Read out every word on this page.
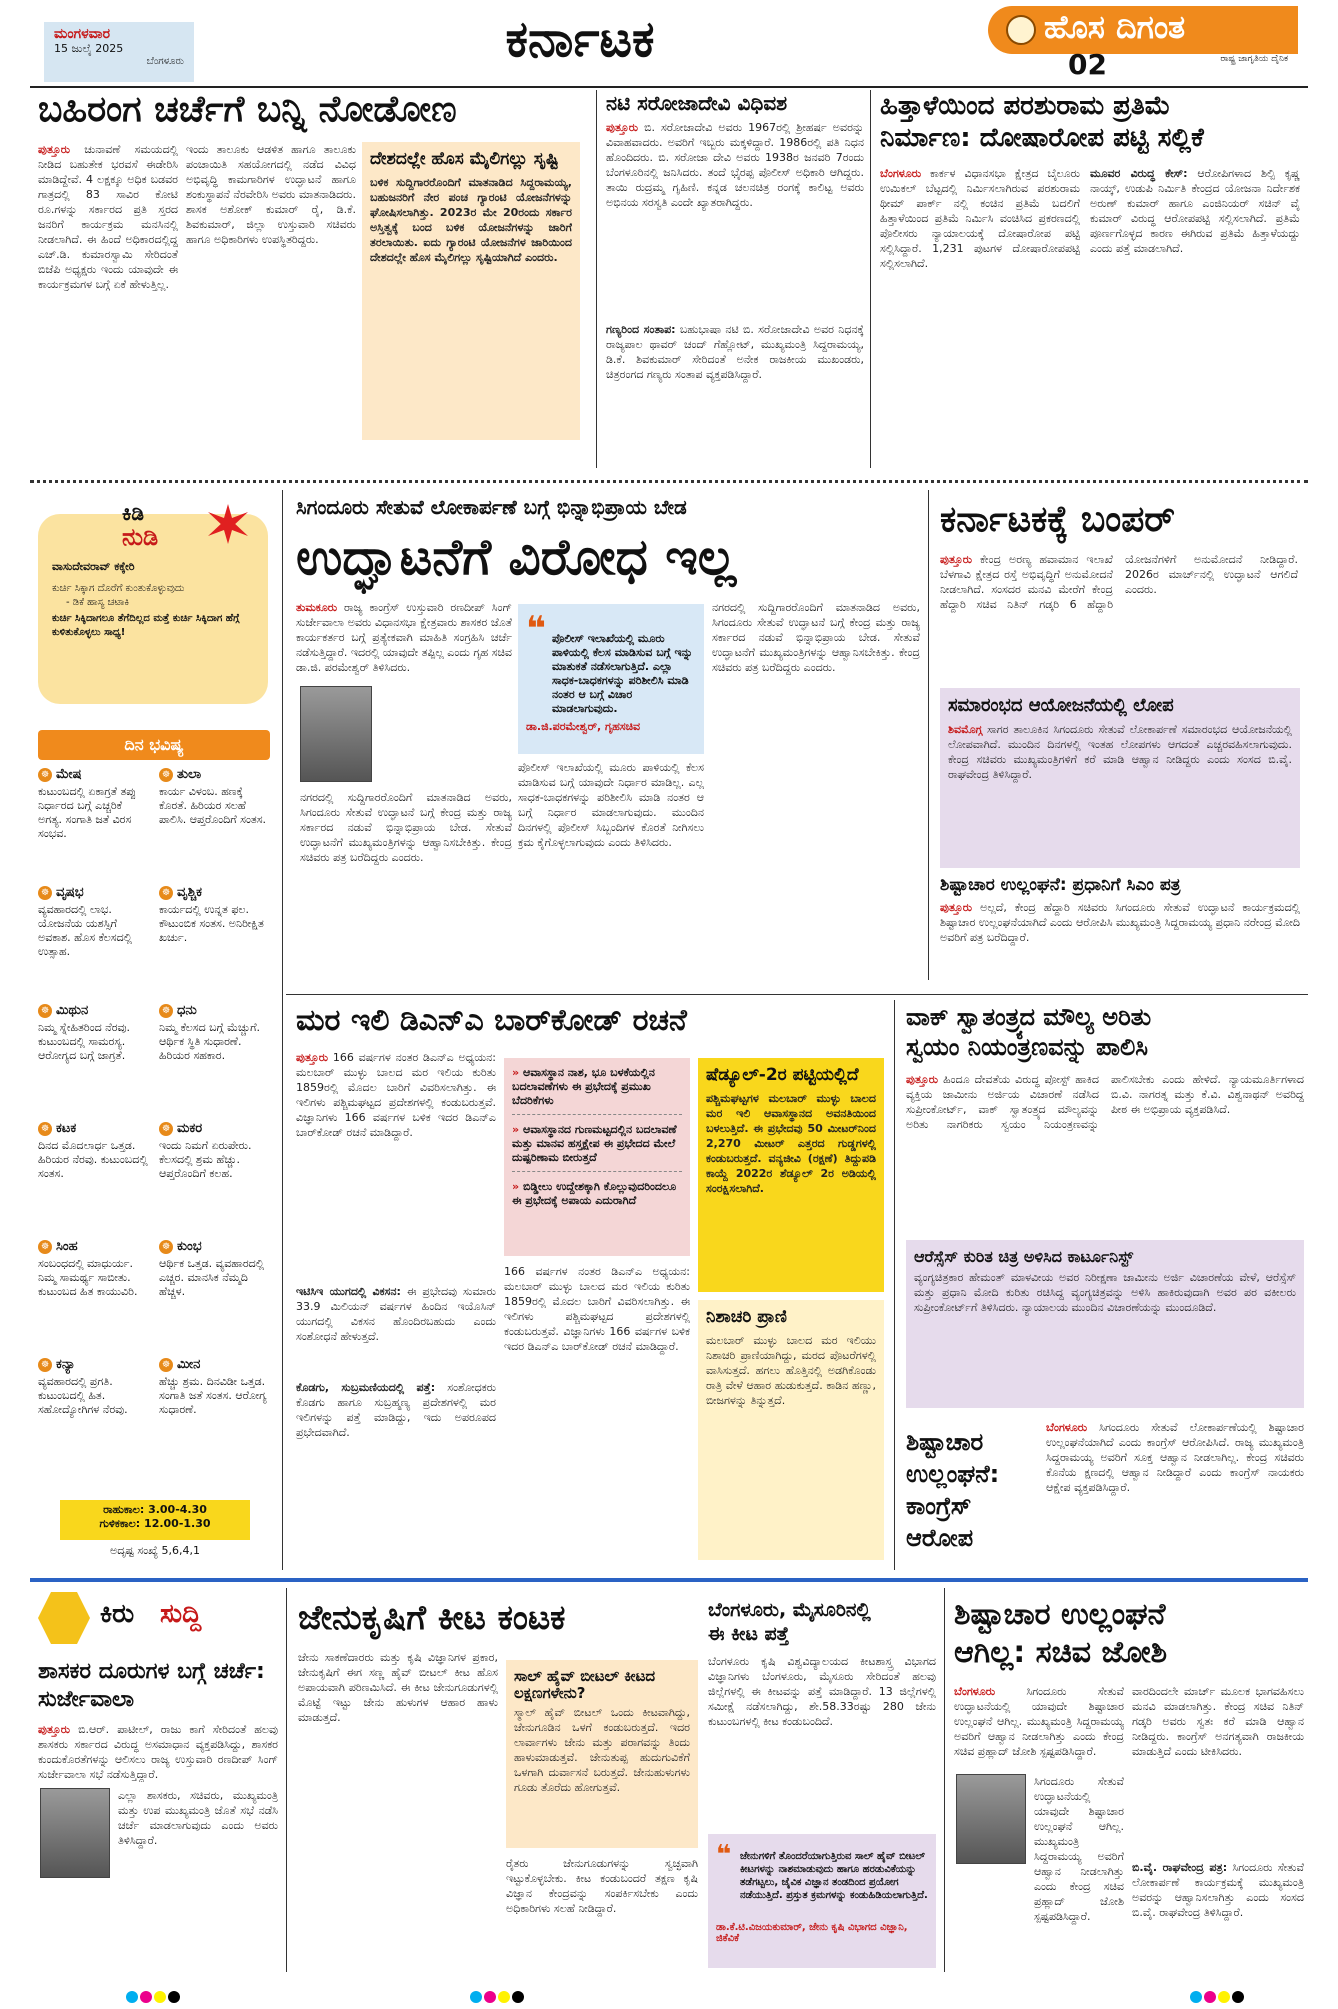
ಮಂಗಳವಾರ
15 ಜುಲೈ 2025
ಬೆಂಗಳೂರು	ಕರ್ನಾಟಕ	ಹೊಸ ದಿಗಂತ
ರಾಷ್ಟ್ರ ಜಾಗೃತಿಯ ದೈನಿಕ
02
ಬಹಿರಂಗ ಚರ್ಚೆಗೆ ಬನ್ನಿ ನೋಡೋಣ
ಪುತ್ತೂರು ಚುನಾವಣೆ ಸಮಯದಲ್ಲಿ ನೀಡಿದ ಬಹುತೇಕ ಭರವಸೆ ಈಡೇರಿಸಿ ಮಾಡಿದ್ದೇವೆ. 4 ಲಕ್ಷಕ್ಕೂ ಅಧಿಕ ಬಡವರ ಗಾತ್ರದಲ್ಲಿ 83 ಸಾವಿರ ಕೋಟಿ ರೂ.ಗಳನ್ನು ಸರ್ಕಾರದ ಪ್ರತಿ ಸ್ತರದ ಜನರಿಗೆ ಕಾರ್ಯಕ್ರಮ ಮನಸಿನಲ್ಲಿ ನೀಡಲಾಗಿದೆ. ಈ ಹಿಂದೆ ಅಧಿಕಾರದಲ್ಲಿದ್ದ ಎಚ್.ಡಿ. ಕುಮಾರಸ್ವಾಮಿ ಸೇರಿದಂತೆ ಬಿಜೆಪಿ ಅಧ್ಯಕ್ಷರು ಇಂದು ಯಾವುದೇ ಈ ಕಾರ್ಯಕ್ರಮಗಳ ಬಗ್ಗೆ ಏಕೆ ಹೇಳುತ್ತಿಲ್ಲ.
ಇಂದು ತಾಲೂಕು ಆಡಳಿತ ಹಾಗೂ ತಾಲೂಕು ಪಂಚಾಯಿತಿ ಸಹಯೋಗದಲ್ಲಿ ನಡೆದ ವಿವಿಧ ಅಭಿವೃದ್ಧಿ ಕಾಮಗಾರಿಗಳ ಉದ್ಘಾಟನೆ ಹಾಗೂ ಶಂಕುಸ್ಥಾಪನೆ ನೆರವೇರಿಸಿ ಅವರು ಮಾತನಾಡಿದರು. ಶಾಸಕ ಅಶೋಕ್ ಕುಮಾರ್ ರೈ, ಡಿ.ಕೆ. ಶಿವಕುಮಾರ್, ಜಿಲ್ಲಾ ಉಸ್ತುವಾರಿ ಸಚಿವರು ಹಾಗೂ ಅಧಿಕಾರಿಗಳು ಉಪಸ್ಥಿತರಿದ್ದರು.
ದೇಶದಲ್ಲೇ ಹೊಸ ಮೈಲಿಗಲ್ಲು ಸೃಷ್ಟಿ
ಬಳಿಕ ಸುದ್ದಿಗಾರರೊಂದಿಗೆ ಮಾತನಾಡಿದ ಸಿದ್ದರಾಮಯ್ಯ, ಬಹುಜನರಿಗೆ ನೇರ ಪಂಚ ಗ್ಯಾರಂಟಿ ಯೋಜನೆಗಳನ್ನು ಘೋಷಿಸಲಾಗಿತ್ತು. 2023ರ ಮೇ 20ರಂದು ಸರ್ಕಾರ ಅಸ್ತಿತ್ವಕ್ಕೆ ಬಂದ ಬಳಿಕ ಯೋಜನೆಗಳನ್ನು ಜಾರಿಗೆ ತರಲಾಯಿತು. ಐದು ಗ್ಯಾರಂಟಿ ಯೋಜನೆಗಳ ಜಾರಿಯಿಂದ ದೇಶದಲ್ಲೇ ಹೊಸ ಮೈಲಿಗಲ್ಲು ಸೃಷ್ಟಿಯಾಗಿದೆ ಎಂದರು.
ನಟಿ ಸರೋಜಾದೇವಿ ವಿಧಿವಶ
ಪುತ್ತೂರು ಬಿ. ಸರೋಜಾದೇವಿ ಅವರು 1967ರಲ್ಲಿ ಶ್ರೀಹರ್ಷ ಅವರನ್ನು ವಿವಾಹವಾದರು. ಅವರಿಗೆ ಇಬ್ಬರು ಮಕ್ಕಳಿದ್ದಾರೆ. 1986ರಲ್ಲಿ ಪತಿ ನಿಧನ ಹೊಂದಿದರು. ಬಿ. ಸರೋಜಾ ದೇವಿ ಅವರು 1938ರ ಜನವರಿ 7ರಂದು ಬೆಂಗಳೂರಿನಲ್ಲಿ ಜನಿಸಿದರು. ತಂದೆ ಭೈರಪ್ಪ ಪೊಲೀಸ್ ಅಧಿಕಾರಿ ಆಗಿದ್ದರು. ತಾಯಿ ರುದ್ರಮ್ಮ ಗೃಹಿಣಿ. ಕನ್ನಡ ಚಲನಚಿತ್ರ ರಂಗಕ್ಕೆ ಕಾಲಿಟ್ಟ ಅವರು ಅಭಿನಯ ಸರಸ್ವತಿ ಎಂದೇ ಖ್ಯಾತರಾಗಿದ್ದರು.
ಗಣ್ಯರಿಂದ ಸಂತಾಪ: ಬಹುಭಾಷಾ ನಟಿ ಬಿ. ಸರೋಜಾದೇವಿ ಅವರ ನಿಧನಕ್ಕೆ ರಾಜ್ಯಪಾಲ ಥಾವರ್ ಚಂದ್ ಗೆಹ್ಲೋಟ್, ಮುಖ್ಯಮಂತ್ರಿ ಸಿದ್ದರಾಮಯ್ಯ, ಡಿ.ಕೆ. ಶಿವಕುಮಾರ್ ಸೇರಿದಂತೆ ಅನೇಕ ರಾಜಕೀಯ ಮುಖಂಡರು, ಚಿತ್ರರಂಗದ ಗಣ್ಯರು ಸಂತಾಪ ವ್ಯಕ್ತಪಡಿಸಿದ್ದಾರೆ.
ಹಿತ್ತಾಳೆಯಿಂದ ಪರಶುರಾಮ ಪ್ರತಿಮೆ
ನಿರ್ಮಾಣ: ದೋಷಾರೋಪ ಪಟ್ಟಿ ಸಲ್ಲಿಕೆ
ಬೆಂಗಳೂರು ಕಾರ್ಕಳ ವಿಧಾನಸಭಾ ಕ್ಷೇತ್ರದ ಬೈಲೂರು ಉಮಿಕಲ್ ಬೆಟ್ಟದಲ್ಲಿ ನಿರ್ಮಿಸಲಾಗಿರುವ ಪರಶುರಾಮ ಥೀಮ್ ಪಾರ್ಕ್ ನಲ್ಲಿ ಕಂಚಿನ ಪ್ರತಿಮೆ ಬದಲಿಗೆ ಹಿತ್ತಾಳೆಯಿಂದ ಪ್ರತಿಮೆ ನಿರ್ಮಿಸಿ ವಂಚಿಸಿದ ಪ್ರಕರಣದಲ್ಲಿ ಪೊಲೀಸರು ನ್ಯಾಯಾಲಯಕ್ಕೆ ದೋಷಾರೋಪ ಪಟ್ಟಿ ಸಲ್ಲಿಸಿದ್ದಾರೆ. 1,231 ಪುಟಗಳ ದೋಷಾರೋಪಪಟ್ಟಿ ಸಲ್ಲಿಸಲಾಗಿದೆ.
ಮೂವರ ವಿರುದ್ಧ ಕೇಸ್: ಆರೋಪಿಗಳಾದ ಶಿಲ್ಪಿ ಕೃಷ್ಣ ನಾಯ್ಕ್, ಉಡುಪಿ ನಿರ್ಮಿತಿ ಕೇಂದ್ರದ ಯೋಜನಾ ನಿರ್ದೇಶಕ ಅರುಣ್ ಕುಮಾರ್ ಹಾಗೂ ಎಂಜಿನಿಯರ್ ಸಚಿನ್ ವೈ ಕುಮಾರ್ ವಿರುದ್ಧ ಆರೋಪಪಟ್ಟಿ ಸಲ್ಲಿಸಲಾಗಿದೆ. ಪ್ರತಿಮೆ ಪೂರ್ಣಗೊಳ್ಳದ ಕಾರಣ ಈಗಿರುವ ಪ್ರತಿಮೆ ಹಿತ್ತಾಳೆಯದ್ದು ಎಂದು ಪತ್ತೆ ಮಾಡಲಾಗಿದೆ.
ಕಿಡಿ
ನುಡಿ
ವಾಸುದೇವರಾವ್ ಕಕ್ಕೇರಿ
ಕುರ್ಚಿ ಸಿಕ್ಕಾಗ ದೊರೆಗೆ ಕುಂತುಕೊಳ್ಳುವುದು
- ಡಿಕೆ ಹಾಸ್ಯ ಚಟಾಕಿ
ಕುರ್ಚಿ ಸಿಕ್ಕಿದಾಗಲೂ ತೆಗೆದಿಲ್ಲದ ಮತ್ತೆ ಕುರ್ಚಿ ಸಿಕ್ಕಿದಾಗ ಹೆಗ್ಗೆ ಕುಳಿತುಕೊಳ್ಳಲು ಸಾಧ್ಯ!
ದಿನ ಭವಿಷ್ಯ
☸ ಮೇಷ
ಕುಟುಂಬದಲ್ಲಿ ಏಕಾಗ್ರತೆ ತಪ್ಪು ನಿರ್ಧಾರದ ಬಗ್ಗೆ ಎಚ್ಚರಿಕೆ ಅಗತ್ಯ. ಸಂಗಾತಿ ಜತೆ ವಿರಸ ಸಂಭವ.
☸ ತುಲಾ
ಕಾರ್ಯ ವಿಳಂಬ. ಹಣಕ್ಕೆ ಕೊರತೆ. ಹಿರಿಯರ ಸಲಹೆ ಪಾಲಿಸಿ. ಆಪ್ತರೊಂದಿಗೆ ಸಂತಸ.
☸ ವೃಷಭ
ವ್ಯವಹಾರದಲ್ಲಿ ಲಾಭ. ಯೋಜನೆಯ ಯಶಸ್ಸಿಗೆ ಅವಕಾಶ. ಹೊಸ ಕೆಲಸದಲ್ಲಿ ಉತ್ಸಾಹ.
☸ ವೃಶ್ಚಿಕ
ಕಾರ್ಯದಲ್ಲಿ ಉನ್ನತ ಫಲ. ಕೌಟುಂಬಿಕ ಸಂತಸ. ಅನಿರೀಕ್ಷಿತ ಖರ್ಚು.
☸ ಮಿಥುನ
ನಿಮ್ಮ ಸ್ನೇಹಿತರಿಂದ ನೆರವು. ಕುಟುಂಬದಲ್ಲಿ ಸಾಮರಸ್ಯ. ಆರೋಗ್ಯದ ಬಗ್ಗೆ ಜಾಗ್ರತೆ.
☸ ಧನು
ನಿಮ್ಮ ಕೆಲಸದ ಬಗ್ಗೆ ಮೆಚ್ಚುಗೆ. ಆರ್ಥಿಕ ಸ್ಥಿತಿ ಸುಧಾರಣೆ. ಹಿರಿಯರ ಸಹಕಾರ.
☸ ಕಟಕ
ದಿನದ ಮೊದಲಾರ್ಧ ಒತ್ತಡ. ಹಿರಿಯರ ನೆರವು. ಕುಟುಂಬದಲ್ಲಿ ಸಂತಸ.
☸ ಮಕರ
ಇಂದು ನಿಮಗೆ ಏರುಪೇರು. ಕೆಲಸದಲ್ಲಿ ಶ್ರಮ ಹೆಚ್ಚು. ಆಪ್ತರೊಂದಿಗೆ ಕಲಹ.
☸ ಸಿಂಹ
ಸಂಬಂಧದಲ್ಲಿ ಮಾಧುರ್ಯ. ನಿಮ್ಮ ಸಾಮರ್ಥ್ಯ ಸಾಬೀತು. ಕುಟುಂಬದ ಹಿತ ಕಾಯುವಿರಿ.
☸ ಕುಂಭ
ಆರ್ಥಿಕ ಒತ್ತಡ. ವ್ಯವಹಾರದಲ್ಲಿ ಎಚ್ಚರ. ಮಾನಸಿಕ ನೆಮ್ಮದಿ ಹೆಚ್ಚಳ.
☸ ಕನ್ಯಾ
ವ್ಯವಹಾರದಲ್ಲಿ ಪ್ರಗತಿ. ಕುಟುಂಬದಲ್ಲಿ ಹಿತ. ಸಹೋದ್ಯೋಗಿಗಳ ನೆರವು.
☸ ಮೀನ
ಹೆಚ್ಚು ಶ್ರಮ. ದಿನವಿಡೀ ಒತ್ತಡ. ಸಂಗಾತಿ ಜತೆ ಸಂತಸ. ಆರೋಗ್ಯ ಸುಧಾರಣೆ.
ರಾಹುಕಾಲ: 3.00-4.30
ಗುಳಿಕಕಾಲ: 12.00-1.30
ಅದೃಷ್ಟ ಸಂಖ್ಯೆ 5,6,4,1
ಸಿಗಂದೂರು ಸೇತುವೆ ಲೋಕಾರ್ಪಣೆ ಬಗ್ಗೆ ಭಿನ್ನಾಭಿಪ್ರಾಯ ಬೇಡ
ಉದ್ಘಾಟನೆಗೆ ವಿರೋಧ ಇಲ್ಲ
ತುಮಕೂರು ರಾಜ್ಯ ಕಾಂಗ್ರೆಸ್ ಉಸ್ತುವಾರಿ ರಣದೀಪ್ ಸಿಂಗ್ ಸುರ್ಜೇವಾಲಾ ಅವರು ವಿಧಾನಸಭಾ ಕ್ಷೇತ್ರವಾರು ಶಾಸಕರ ಜೊತೆ ಕಾರ್ಯಕರ್ತರ ಬಗ್ಗೆ ಪ್ರತ್ಯೇಕವಾಗಿ ಮಾಹಿತಿ ಸಂಗ್ರಹಿಸಿ ಚರ್ಚೆ ನಡೆಸುತ್ತಿದ್ದಾರೆ. ಇದರಲ್ಲಿ ಯಾವುದೇ ತಪ್ಪಿಲ್ಲ ಎಂದು ಗೃಹ ಸಚಿವ ಡಾ.ಜಿ. ಪರಮೇಶ್ವರ್ ತಿಳಿಸಿದರು.
ನಗರದಲ್ಲಿ ಸುದ್ದಿಗಾರರೊಂದಿಗೆ ಮಾತನಾಡಿದ ಅವರು, ಸಿಗಂದೂರು ಸೇತುವೆ ಉದ್ಘಾಟನೆ ಬಗ್ಗೆ ಕೇಂದ್ರ ಮತ್ತು ರಾಜ್ಯ ಸರ್ಕಾರದ ನಡುವೆ ಭಿನ್ನಾಭಿಪ್ರಾಯ ಬೇಡ. ಸೇತುವೆ ಉದ್ಘಾಟನೆಗೆ ಮುಖ್ಯಮಂತ್ರಿಗಳನ್ನು ಆಹ್ವಾನಿಸಬೇಕಿತ್ತು. ಕೇಂದ್ರ ಸಚಿವರು ಪತ್ರ ಬರೆದಿದ್ದರು ಎಂದರು.
❝ ಪೊಲೀಸ್ ಇಲಾಖೆಯಲ್ಲಿ ಮೂರು ಪಾಳಿಯಲ್ಲಿ ಕೆಲಸ ಮಾಡಿಸುವ ಬಗ್ಗೆ ಇನ್ನು ಮಾತುಕತೆ ನಡೆಸಲಾಗುತ್ತಿದೆ. ಎಲ್ಲಾ ಸಾಧಕ-ಬಾಧಕಗಳನ್ನು ಪರಿಶೀಲಿಸಿ ಮಾಡಿ ನಂತರ ಆ ಬಗ್ಗೆ ವಿಚಾರ ಮಾಡಲಾಗುವುದು.
ಡಾ.ಜಿ.ಪರಮೇಶ್ವರ್, ಗೃಹಸಚಿವ
ಪೊಲೀಸ್ ಇಲಾಖೆಯಲ್ಲಿ ಮೂರು ಪಾಳಿಯಲ್ಲಿ ಕೆಲಸ ಮಾಡಿಸುವ ಬಗ್ಗೆ ಯಾವುದೇ ನಿರ್ಧಾರ ಮಾಡಿಲ್ಲ. ಎಲ್ಲ ಸಾಧಕ-ಬಾಧಕಗಳನ್ನು ಪರಿಶೀಲಿಸಿ ಮಾಡಿ ನಂತರ ಆ ಬಗ್ಗೆ ನಿರ್ಧಾರ ಮಾಡಲಾಗುವುದು. ಮುಂದಿನ ದಿನಗಳಲ್ಲಿ ಪೊಲೀಸ್ ಸಿಬ್ಬಂದಿಗಳ ಕೊರತೆ ನೀಗಿಸಲು ಕ್ರಮ ಕೈಗೊಳ್ಳಲಾಗುವುದು ಎಂದು ತಿಳಿಸಿದರು.
ನಗರದಲ್ಲಿ ಸುದ್ದಿಗಾರರೊಂದಿಗೆ ಮಾತನಾಡಿದ ಅವರು, ಸಿಗಂದೂರು ಸೇತುವೆ ಉದ್ಘಾಟನೆ ಬಗ್ಗೆ ಕೇಂದ್ರ ಮತ್ತು ರಾಜ್ಯ ಸರ್ಕಾರದ ನಡುವೆ ಭಿನ್ನಾಭಿಪ್ರಾಯ ಬೇಡ. ಸೇತುವೆ ಉದ್ಘಾಟನೆಗೆ ಮುಖ್ಯಮಂತ್ರಿಗಳನ್ನು ಆಹ್ವಾನಿಸಬೇಕಿತ್ತು. ಕೇಂದ್ರ ಸಚಿವರು ಪತ್ರ ಬರೆದಿದ್ದರು ಎಂದರು.
ಕರ್ನಾಟಕಕ್ಕೆ ಬಂಪರ್
ಪುತ್ತೂರು ಕೇಂದ್ರ ಅರಣ್ಯ ಹವಾಮಾನ ಇಲಾಖೆ ಬೆಳಗಾವಿ ಕ್ಷೇತ್ರದ ರಸ್ತೆ ಅಭಿವೃದ್ಧಿಗೆ ಅನುಮೋದನೆ ನೀಡಲಾಗಿದೆ. ಸಂಸದರ ಮನವಿ ಮೇರೆಗೆ ಕೇಂದ್ರ ಹೆದ್ದಾರಿ ಸಚಿವ ನಿತಿನ್ ಗಡ್ಕರಿ 6 ಹೆದ್ದಾರಿ ಯೋಜನೆಗಳಿಗೆ ಅನುಮೋದನೆ ನೀಡಿದ್ದಾರೆ. 2026ರ ಮಾರ್ಚ್‌ನಲ್ಲಿ ಉದ್ಘಾಟನೆ ಆಗಲಿದೆ ಎಂದರು.
ಸಮಾರಂಭದ ಆಯೋಜನೆಯಲ್ಲಿ ಲೋಪ
ಶಿವಮೊಗ್ಗ ಸಾಗರ ತಾಲೂಕಿನ ಸಿಗಂದೂರು ಸೇತುವೆ ಲೋಕಾರ್ಪಣೆ ಸಮಾರಂಭದ ಆಯೋಜನೆಯಲ್ಲಿ ಲೋಪವಾಗಿದೆ. ಮುಂದಿನ ದಿನಗಳಲ್ಲಿ ಇಂತಹ ಲೋಪಗಳು ಆಗದಂತೆ ಎಚ್ಚರವಹಿಸಲಾಗುವುದು. ಕೇಂದ್ರ ಸಚಿವರು ಮುಖ್ಯಮಂತ್ರಿಗಳಿಗೆ ಕರೆ ಮಾಡಿ ಆಹ್ವಾನ ನೀಡಿದ್ದರು ಎಂದು ಸಂಸದ ಬಿ.ವೈ. ರಾಘವೇಂದ್ರ ತಿಳಿಸಿದ್ದಾರೆ.
ಶಿಷ್ಟಾಚಾರ ಉಲ್ಲಂಘನೆ: ಪ್ರಧಾನಿಗೆ ಸಿಎಂ ಪತ್ರ
ಪುತ್ತೂರು ಅಲ್ಲದೆ, ಕೇಂದ್ರ ಹೆದ್ದಾರಿ ಸಚಿವರು ಸಿಗಂದೂರು ಸೇತುವೆ ಉದ್ಘಾಟನೆ ಕಾರ್ಯಕ್ರಮದಲ್ಲಿ ಶಿಷ್ಟಾಚಾರ ಉಲ್ಲಂಘನೆಯಾಗಿದೆ ಎಂದು ಆರೋಪಿಸಿ ಮುಖ್ಯಮಂತ್ರಿ ಸಿದ್ದರಾಮಯ್ಯ ಪ್ರಧಾನಿ ನರೇಂದ್ರ ಮೋದಿ ಅವರಿಗೆ ಪತ್ರ ಬರೆದಿದ್ದಾರೆ.
ಮರ ಇಲಿ ಡಿಎನ್ಎ ಬಾರ್‌ಕೋಡ್ ರಚನೆ
ಪುತ್ತೂರು 166 ವರ್ಷಗಳ ನಂತರ ಡಿಎನ್ಎ ಅಧ್ಯಯನ: ಮಲಬಾರ್ ಮುಳ್ಳು ಬಾಲದ ಮರ ಇಲಿಯ ಕುರಿತು 1859ರಲ್ಲಿ ಮೊದಲ ಬಾರಿಗೆ ವಿವರಿಸಲಾಗಿತ್ತು. ಈ ಇಲಿಗಳು ಪಶ್ಚಿಮಘಟ್ಟದ ಪ್ರದೇಶಗಳಲ್ಲಿ ಕಂಡುಬರುತ್ತವೆ. ವಿಜ್ಞಾನಿಗಳು 166 ವರ್ಷಗಳ ಬಳಿಕ ಇದರ ಡಿಎನ್ಎ ಬಾರ್‌ಕೋಡ್ ರಚನೆ ಮಾಡಿದ್ದಾರೆ.
ಇಟಿಸಿಇ ಯುಗದಲ್ಲಿ ವಿಕಸನ: ಈ ಪ್ರಭೇದವು ಸುಮಾರು 33.9 ಮಿಲಿಯನ್ ವರ್ಷಗಳ ಹಿಂದಿನ ಇಯೊಸಿನ್ ಯುಗದಲ್ಲಿ ವಿಕಸನ ಹೊಂದಿರಬಹುದು ಎಂದು ಸಂಶೋಧನೆ ಹೇಳುತ್ತದೆ.
ಕೊಡಗು, ಸುಬ್ರಮಣಿಯದಲ್ಲಿ ಪತ್ತೆ: ಸಂಶೋಧಕರು ಕೊಡಗು ಹಾಗೂ ಸುಬ್ರಹ್ಮಣ್ಯ ಪ್ರದೇಶಗಳಲ್ಲಿ ಮರ ಇಲಿಗಳನ್ನು ಪತ್ತೆ ಮಾಡಿದ್ದು, ಇದು ಅಪರೂಪದ ಪ್ರಭೇದವಾಗಿದೆ.
» ಆವಾಸಸ್ಥಾನ ನಾಶ, ಭೂ ಬಳಕೆಯಲ್ಲಿನ ಬದಲಾವಣೆಗಳು ಈ ಪ್ರಭೇದಕ್ಕೆ ಪ್ರಮುಖ ಬೆದರಿಕೆಗಳು
» ಆವಾಸಸ್ಥಾನದ ಗುಣಮಟ್ಟದಲ್ಲಿನ ಬದಲಾವಣೆ ಮತ್ತು ಮಾನವ ಹಸ್ತಕ್ಷೇಪ ಈ ಪ್ರಭೇದದ ಮೇಲೆ ದುಷ್ಪರಿಣಾಮ ಬೀರುತ್ತದೆ
» ಬಿಡ್ಡೀಲು ಉದ್ದೇಶಕ್ಕಾಗಿ ಕೊಲ್ಲುವುದರಿಂದಲೂ ಈ ಪ್ರಭೇದಕ್ಕೆ ಅಪಾಯ ಎದುರಾಗಿದೆ
166 ವರ್ಷಗಳ ನಂತರ ಡಿಎನ್ಎ ಅಧ್ಯಯನ: ಮಲಬಾರ್ ಮುಳ್ಳು ಬಾಲದ ಮರ ಇಲಿಯ ಕುರಿತು 1859ರಲ್ಲಿ ಮೊದಲ ಬಾರಿಗೆ ವಿವರಿಸಲಾಗಿತ್ತು. ಈ ಇಲಿಗಳು ಪಶ್ಚಿಮಘಟ್ಟದ ಪ್ರದೇಶಗಳಲ್ಲಿ ಕಂಡುಬರುತ್ತವೆ. ವಿಜ್ಞಾನಿಗಳು 166 ವರ್ಷಗಳ ಬಳಿಕ ಇದರ ಡಿಎನ್ಎ ಬಾರ್‌ಕೋಡ್ ರಚನೆ ಮಾಡಿದ್ದಾರೆ.
ಷೆಡ್ಯೂಲ್-2ರ ಪಟ್ಟಿಯಲ್ಲಿದೆ
ಪಶ್ಚಿಮಘಟ್ಟಗಳ ಮಲಬಾರ್ ಮುಳ್ಳು ಬಾಲದ ಮರ ಇಲಿ ಆವಾಸಸ್ಥಾನದ ಅವನತಿಯಿಂದ ಬಳಲುತ್ತಿದೆ. ಈ ಪ್ರಭೇದವು 50 ಮೀಟರ್‌ನಿಂದ 2,270 ಮೀಟರ್ ಎತ್ತರದ ಗುಡ್ಡಗಳಲ್ಲಿ ಕಂಡುಬರುತ್ತದೆ. ವನ್ಯಜೀವಿ (ರಕ್ಷಣೆ) ತಿದ್ದುಪಡಿ ಕಾಯ್ದೆ 2022ರ ಶೆಡ್ಯೂಲ್ 2ರ ಅಡಿಯಲ್ಲಿ ಸಂರಕ್ಷಿಸಲಾಗಿದೆ.
ನಿಶಾಚರಿ ಪ್ರಾಣಿ
ಮಲಬಾರ್ ಮುಳ್ಳು ಬಾಲದ ಮರ ಇಲಿಯು ನಿಶಾಚರಿ ಪ್ರಾಣಿಯಾಗಿದ್ದು, ಮರದ ಪೊಟರೆಗಳಲ್ಲಿ ವಾಸಿಸುತ್ತದೆ. ಹಗಲು ಹೊತ್ತಿನಲ್ಲಿ ಅಡಗಿಕೊಂಡು ರಾತ್ರಿ ವೇಳೆ ಆಹಾರ ಹುಡುಕುತ್ತದೆ. ಕಾಡಿನ ಹಣ್ಣು, ಬೀಜಗಳನ್ನು ತಿನ್ನುತ್ತದೆ.
ವಾಕ್ ಸ್ವಾತಂತ್ರ್ಯದ ಮೌಲ್ಯ ಅರಿತು
ಸ್ವಯಂ ನಿಯಂತ್ರಣವನ್ನು ಪಾಲಿಸಿ
ಪುತ್ತೂರು ಹಿಂದೂ ದೇವತೆಯ ವಿರುದ್ಧ ಪೋಸ್ಟ್ ಹಾಕಿದ ವ್ಯಕ್ತಿಯ ಜಾಮೀನು ಅರ್ಜಿಯ ವಿಚಾರಣೆ ನಡೆಸಿದ ಸುಪ್ರೀಂಕೋರ್ಟ್, ವಾಕ್ ಸ್ವಾತಂತ್ರ್ಯದ ಮೌಲ್ಯವನ್ನು ಅರಿತು ನಾಗರಿಕರು ಸ್ವಯಂ ನಿಯಂತ್ರಣವನ್ನು ಪಾಲಿಸಬೇಕು ಎಂದು ಹೇಳಿದೆ. ನ್ಯಾಯಮೂರ್ತಿಗಳಾದ ಬಿ.ವಿ. ನಾಗರತ್ನ ಮತ್ತು ಕೆ.ವಿ. ವಿಶ್ವನಾಥನ್ ಅವರಿದ್ದ ಪೀಠ ಈ ಅಭಿಪ್ರಾಯ ವ್ಯಕ್ತಪಡಿಸಿದೆ.
ಆರೆಸ್ಸೆಸ್ ಕುರಿತ ಚಿತ್ರ ಅಳಿಸಿದ ಕಾರ್ಟೂನಿಸ್ಟ್
ವ್ಯಂಗ್ಯಚಿತ್ರಕಾರ ಹೇಮಂತ್ ಮಾಳವೀಯ ಅವರ ನಿರೀಕ್ಷಣಾ ಜಾಮೀನು ಅರ್ಜಿ ವಿಚಾರಣೆಯ ವೇಳೆ, ಆರೆಸ್ಸೆಸ್ ಮತ್ತು ಪ್ರಧಾನಿ ಮೋದಿ ಕುರಿತು ರಚಿಸಿದ್ದ ವ್ಯಂಗ್ಯಚಿತ್ರವನ್ನು ಅಳಿಸಿ ಹಾಕಿರುವುದಾಗಿ ಅವರ ಪರ ವಕೀಲರು ಸುಪ್ರೀಂಕೋರ್ಟ್‌ಗೆ ತಿಳಿಸಿದರು. ನ್ಯಾಯಾಲಯ ಮುಂದಿನ ವಿಚಾರಣೆಯನ್ನು ಮುಂದೂಡಿದೆ.
ಶಿಷ್ಟಾಚಾರ ಉಲ್ಲಂಘನೆ: ಕಾಂಗ್ರೆಸ್ ಆರೋಪ
ಬೆಂಗಳೂರು ಸಿಗಂದೂರು ಸೇತುವೆ ಲೋಕಾರ್ಪಣೆಯಲ್ಲಿ ಶಿಷ್ಟಾಚಾರ ಉಲ್ಲಂಘನೆಯಾಗಿದೆ ಎಂದು ಕಾಂಗ್ರೆಸ್ ಆರೋಪಿಸಿದೆ. ರಾಜ್ಯ ಮುಖ್ಯಮಂತ್ರಿ ಸಿದ್ದರಾಮಯ್ಯ ಅವರಿಗೆ ಸೂಕ್ತ ಆಹ್ವಾನ ನೀಡಲಾಗಿಲ್ಲ. ಕೇಂದ್ರ ಸಚಿವರು ಕೊನೆಯ ಕ್ಷಣದಲ್ಲಿ ಆಹ್ವಾನ ನೀಡಿದ್ದಾರೆ ಎಂದು ಕಾಂಗ್ರೆಸ್ ನಾಯಕರು ಆಕ್ಷೇಪ ವ್ಯಕ್ತಪಡಿಸಿದ್ದಾರೆ.
ಕಿರು ಸುದ್ದಿ
ಶಾಸಕರ ದೂರುಗಳ ಬಗ್ಗೆ ಚರ್ಚೆ: ಸುರ್ಜೇವಾಲಾ
ಪುತ್ತೂರು ಬಿ.ಆರ್. ಪಾಟೀಲ್, ರಾಜು ಕಾಗೆ ಸೇರಿದಂತೆ ಹಲವು ಶಾಸಕರು ಸರ್ಕಾರದ ವಿರುದ್ಧ ಅಸಮಾಧಾನ ವ್ಯಕ್ತಪಡಿಸಿದ್ದು, ಶಾಸಕರ ಕುಂದುಕೊರತೆಗಳನ್ನು ಆಲಿಸಲು ರಾಜ್ಯ ಉಸ್ತುವಾರಿ ರಣದೀಪ್ ಸಿಂಗ್ ಸುರ್ಜೇವಾಲಾ ಸಭೆ ನಡೆಸುತ್ತಿದ್ದಾರೆ.
ಎಲ್ಲಾ ಶಾಸಕರು, ಸಚಿವರು, ಮುಖ್ಯಮಂತ್ರಿ ಮತ್ತು ಉಪ ಮುಖ್ಯಮಂತ್ರಿ ಜೊತೆ ಸಭೆ ನಡೆಸಿ ಚರ್ಚೆ ಮಾಡಲಾಗುವುದು ಎಂದು ಅವರು ತಿಳಿಸಿದ್ದಾರೆ.
ಜೇನುಕೃಷಿಗೆ ಕೀಟ ಕಂಟಕ
ಜೇನು ಸಾಕಣೆದಾರರು ಮತ್ತು ಕೃಷಿ ವಿಜ್ಞಾನಿಗಳ ಪ್ರಕಾರ, ಜೇನುಕೃಷಿಗೆ ಈಗ ಸಣ್ಣ ಹೈವ್ ಬೀಟಲ್ ಕೀಟ ಹೊಸ ಅಪಾಯವಾಗಿ ಪರಿಣಮಿಸಿದೆ. ಈ ಕೀಟ ಜೇನುಗೂಡುಗಳಲ್ಲಿ ಮೊಟ್ಟೆ ಇಟ್ಟು ಜೇನು ಹುಳುಗಳ ಆಹಾರ ಹಾಳು ಮಾಡುತ್ತದೆ.
ಸಾಲ್ ಹೈವ್ ಬೀಟಲ್ ಕೀಟದ ಲಕ್ಷಣಗಳೇನು?
ಸ್ಮಾಲ್ ಹೈವ್ ಬೀಟಲ್ ಒಂದು ಕೀಟವಾಗಿದ್ದು, ಜೇನುಗೂಡಿನ ಒಳಗೆ ಕಂಡುಬರುತ್ತದೆ. ಇದರ ಲಾರ್ವಾಗಳು ಜೇನು ಮತ್ತು ಪರಾಗವನ್ನು ತಿಂದು ಹಾಳುಮಾಡುತ್ತವೆ. ಜೇನುತುಪ್ಪ ಹುದುಗುವಿಕೆಗೆ ಒಳಗಾಗಿ ದುರ್ವಾಸನೆ ಬರುತ್ತದೆ. ಜೇನುಹುಳುಗಳು ಗೂಡು ತೊರೆದು ಹೋಗುತ್ತವೆ.
ರೈತರು ಜೇನುಗೂಡುಗಳನ್ನು ಸ್ವಚ್ಛವಾಗಿ ಇಟ್ಟುಕೊಳ್ಳಬೇಕು. ಕೀಟ ಕಂಡುಬಂದರೆ ತಕ್ಷಣ ಕೃಷಿ ವಿಜ್ಞಾನ ಕೇಂದ್ರವನ್ನು ಸಂಪರ್ಕಿಸಬೇಕು ಎಂದು ಅಧಿಕಾರಿಗಳು ಸಲಹೆ ನೀಡಿದ್ದಾರೆ.
ಬೆಂಗಳೂರು, ಮೈಸೂರಿನಲ್ಲಿ
ಈ ಕೀಟ ಪತ್ತೆ
ಬೆಂಗಳೂರು ಕೃಷಿ ವಿಶ್ವವಿದ್ಯಾಲಯದ ಕೀಟಶಾಸ್ತ್ರ ವಿಭಾಗದ ವಿಜ್ಞಾನಿಗಳು ಬೆಂಗಳೂರು, ಮೈಸೂರು ಸೇರಿದಂತೆ ಹಲವು ಜಿಲ್ಲೆಗಳಲ್ಲಿ ಈ ಕೀಟವನ್ನು ಪತ್ತೆ ಮಾಡಿದ್ದಾರೆ. 13 ಜಿಲ್ಲೆಗಳಲ್ಲಿ ಸಮೀಕ್ಷೆ ನಡೆಸಲಾಗಿದ್ದು, ಶೇ.58.33ರಷ್ಟು 280 ಜೇನು ಕುಟುಂಬಗಳಲ್ಲಿ ಕೀಟ ಕಂಡುಬಂದಿದೆ.
❝ ಜೇನುಗಳಿಗೆ ತೊಂದರೆಯಾಗುತ್ತಿರುವ ಸಾಲ್ ಹೈವ್ ಬೀಟಲ್ ಕೀಟಗಳನ್ನು ನಾಶಮಾಡುವುದು ಹಾಗೂ ಹರಡುವಿಕೆಯನ್ನು ತಡೆಗಟ್ಟಲು, ಜೈವಿಕ ವಿಜ್ಞಾನ ತಂಡದಿಂದ ಪ್ರಯೋಗ ನಡೆಯುತ್ತಿದೆ. ಪ್ರಸ್ತುತ ಕ್ರಮಗಳನ್ನು ಕಂಡುಹಿಡಿಯಲಾಗುತ್ತಿದೆ.
ಡಾ.ಕೆ.ಟಿ.ವಿಜಯಕುಮಾರ್, ಜೇನು ಕೃಷಿ ವಿಭಾಗದ ವಿಜ್ಞಾನಿ, ಜಿಕೆವಿಕೆ
ಶಿಷ್ಟಾಚಾರ ಉಲ್ಲಂಘನೆ
ಆಗಿಲ್ಲ: ಸಚಿವ ಜೋಶಿ
ಬೆಂಗಳೂರು	ಸಿಗಂದೂರು ಸೇತುವೆ ಉದ್ಘಾಟನೆಯಲ್ಲಿ ಯಾವುದೇ ಶಿಷ್ಟಾಚಾರ ಉಲ್ಲಂಘನೆ ಆಗಿಲ್ಲ. ಮುಖ್ಯಮಂತ್ರಿ ಸಿದ್ದರಾಮಯ್ಯ ಅವರಿಗೆ ಆಹ್ವಾನ ನೀಡಲಾಗಿತ್ತು ಎಂದು ಕೇಂದ್ರ ಸಚಿವ ಪ್ರಹ್ಲಾದ್ ಜೋಶಿ ಸ್ಪಷ್ಟಪಡಿಸಿದ್ದಾರೆ.
ಸಿಗಂದೂರು ಸೇತುವೆ ಉದ್ಘಾಟನೆಯಲ್ಲಿ ಯಾವುದೇ ಶಿಷ್ಟಾಚಾರ ಉಲ್ಲಂಘನೆ ಆಗಿಲ್ಲ. ಮುಖ್ಯಮಂತ್ರಿ ಸಿದ್ದರಾಮಯ್ಯ ಅವರಿಗೆ ಆಹ್ವಾನ ನೀಡಲಾಗಿತ್ತು ಎಂದು ಕೇಂದ್ರ ಸಚಿವ ಪ್ರಹ್ಲಾದ್ ಜೋಶಿ ಸ್ಪಷ್ಟಪಡಿಸಿದ್ದಾರೆ.
ವಾರದಿಂದಲೇ ಮಾರ್ಚ್ ಮೂಲಕ ಭಾಗವಹಿಸಲು ಮನವಿ ಮಾಡಲಾಗಿತ್ತು. ಕೇಂದ್ರ ಸಚಿವ ನಿತಿನ್ ಗಡ್ಕರಿ ಅವರು ಸ್ವತಃ ಕರೆ ಮಾಡಿ ಆಹ್ವಾನ ನೀಡಿದ್ದರು. ಕಾಂಗ್ರೆಸ್ ಅನಗತ್ಯವಾಗಿ ರಾಜಕೀಯ ಮಾಡುತ್ತಿದೆ ಎಂದು ಟೀಕಿಸಿದರು.
ಬಿ.ವೈ. ರಾಘವೇಂದ್ರ ಪತ್ರ: ಸಿಗಂದೂರು ಸೇತುವೆ ಲೋಕಾರ್ಪಣೆ ಕಾರ್ಯಕ್ರಮಕ್ಕೆ ಮುಖ್ಯಮಂತ್ರಿ ಅವರನ್ನು ಆಹ್ವಾನಿಸಲಾಗಿತ್ತು ಎಂದು ಸಂಸದ ಬಿ.ವೈ. ರಾಘವೇಂದ್ರ ತಿಳಿಸಿದ್ದಾರೆ.
